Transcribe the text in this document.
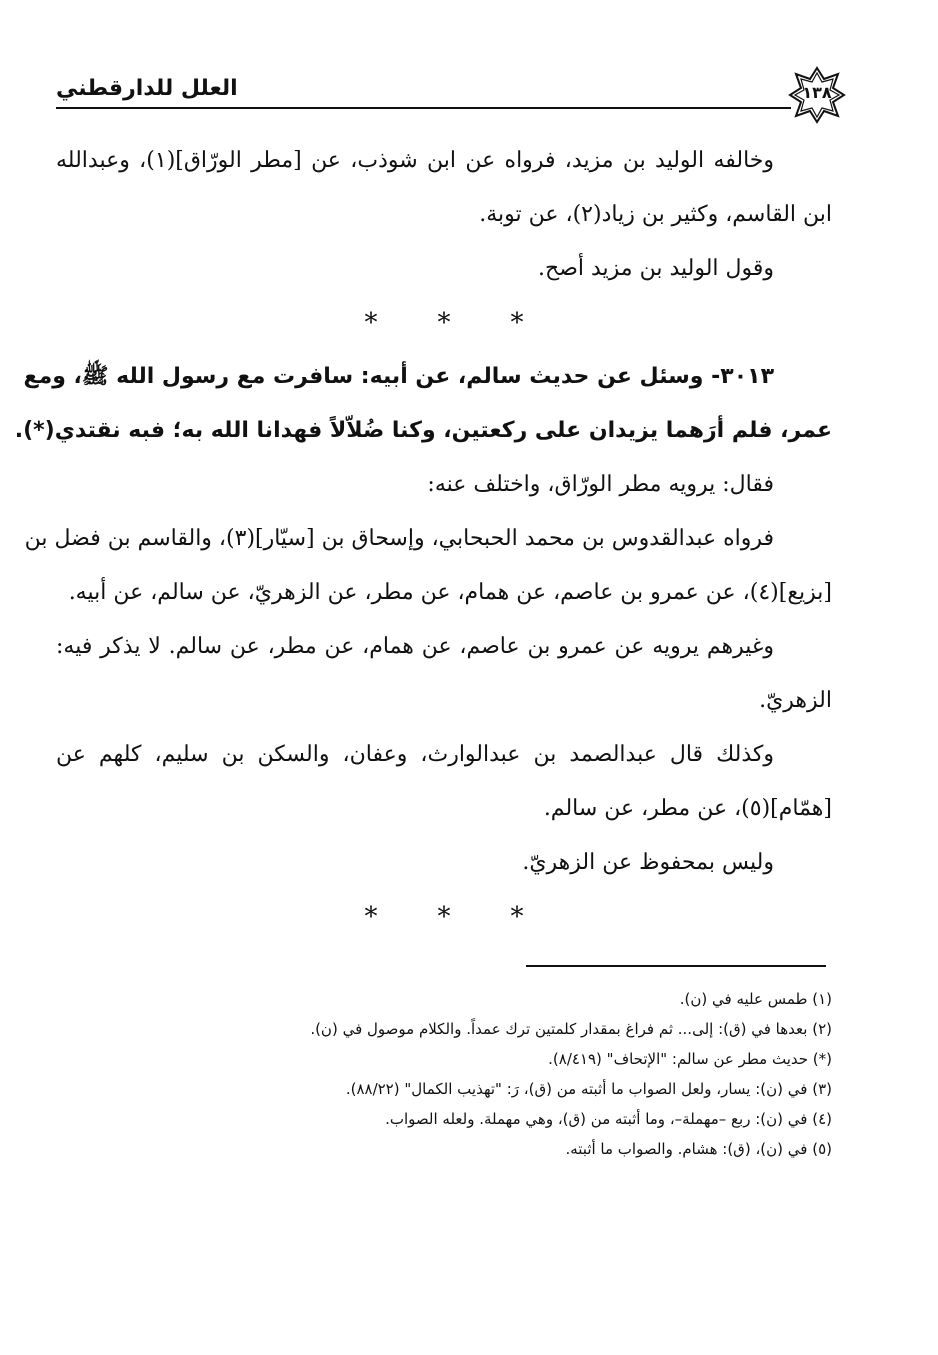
العلل للدارقطني	١٣٨
وخالفه الوليد بن مزيد، فرواه عن ابن شوذب، عن [مطر الورّاق](١)، وعبدالله
ابن القاسم، وكثير بن زياد(٢)، عن توبة.
وقول الوليد بن مزيد أصح.
***
٣٠١٣- وسئل عن حديث سالم، عن أبيه: سافرت مع رسول الله ﷺ، ومع
عمر، فلم أرَهما يزيدان على ركعتين، وكنا ضُلاّلاً فهدانا الله به؛ فبه نقتدي(*).
فقال: يرويه مطر الورّاق، واختلف عنه:
فرواه عبدالقدوس بن محمد الحبحابي، وإسحاق بن [سيّار](٣)، والقاسم بن فضل بن
[بزيع](٤)، عن عمرو بن عاصم، عن همام، عن مطر، عن الزهريّ، عن سالم، عن أبيه.
وغيرهم يرويه عن عمرو بن عاصم، عن همام، عن مطر، عن سالم. لا يذكر فيه:
الزهريّ.
وكذلك قال عبدالصمد بن عبدالوارث، وعفان، والسكن بن سليم، كلهم عن
[همّام](٥)، عن مطر، عن سالم.
وليس بمحفوظ عن الزهريّ.
***
(١) طمس عليه في (ن).
(٢) بعدها في (ق): إلى... ثم فراغ بمقدار كلمتين ترك عمداً. والكلام موصول في (ن).
(*) حديث مطر عن سالم: "الإتحاف" (٨/٤١٩).
(٣) في (ن): يسار، ولعل الصواب ما أثبته من (ق)، رَ: "تهذيب الكمال" (٨٨/٢٢).
(٤) في (ن): ربع –مهملة–، وما أثبته من (ق)، وهي مهملة. ولعله الصواب.
(٥) في (ن)، (ق): هشام. والصواب ما أثبته.
